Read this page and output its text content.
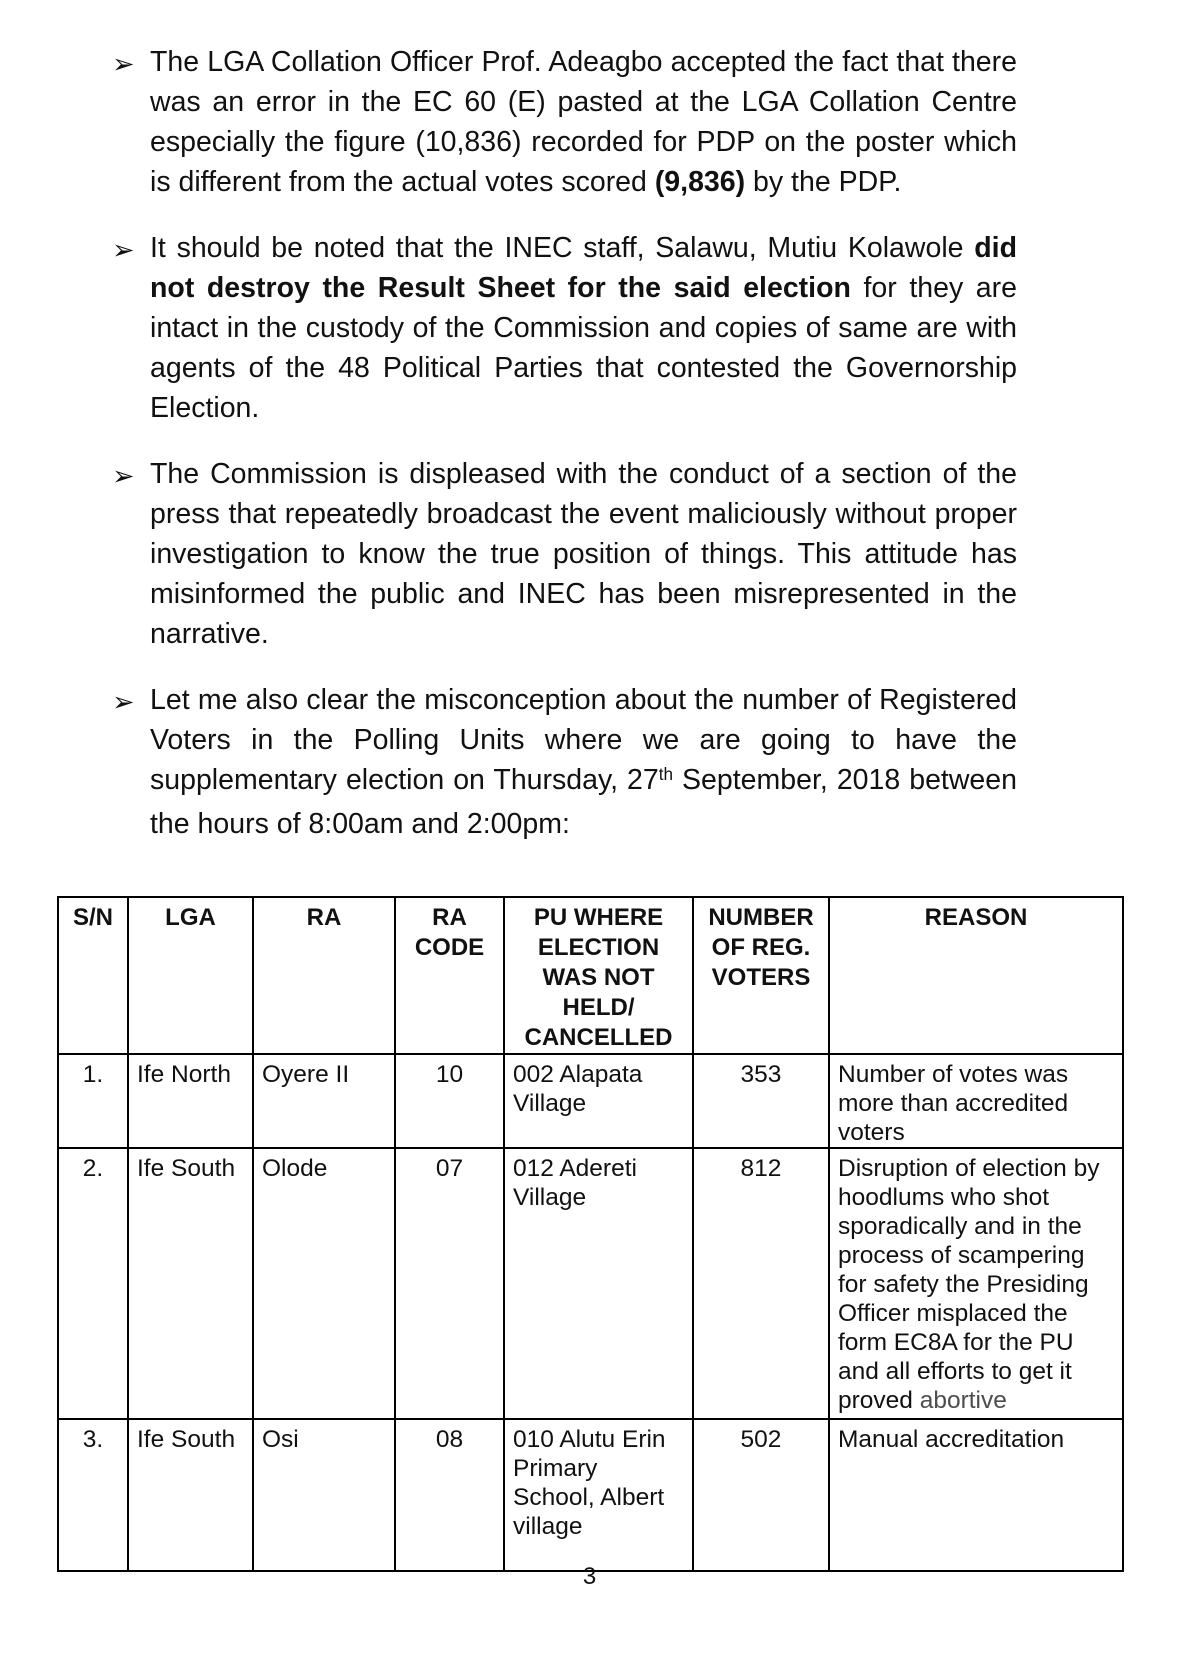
➢ The LGA Collation Officer Prof. Adeagbo accepted the fact that there was an error in the EC 60 (E) pasted at the LGA Collation Centre especially the figure (10,836) recorded for PDP on the poster which is different from the actual votes scored (9,836) by the PDP.

➢ It should be noted that the INEC staff, Salawu, Mutiu Kolawole did not destroy the Result Sheet for the said election for they are intact in the custody of the Commission and copies of same are with agents of the 48 Political Parties that contested the Governorship Election.

➢ The Commission is displeased with the conduct of a section of the press that repeatedly broadcast the event maliciously without proper investigation to know the true position of things. This attitude has misinformed the public and INEC has been misrepresented in the narrative.

➢ Let me also clear the misconception about the number of Registered Voters in the Polling Units where we are going to have the supplementary election on Thursday, 27th September, 2018 between the hours of 8:00am and 2:00pm:

S/N	LGA	RA	RA CODE	PU WHERE ELECTION WAS NOT HELD/ CANCELLED	NUMBER OF REG. VOTERS	REASON
1.	Ife North	Oyere II	10	002 Alapata Village	353	Number of votes was more than accredited voters
2.	Ife South	Olode	07	012 Adereti Village	812	Disruption of election by hoodlums who shot sporadically and in the process of scampering for safety the Presiding Officer misplaced the form EC8A for the PU and all efforts to get it proved abortive
3.	Ife South	Osi	08	010 Alutu Erin Primary School, Albert village	502	Manual accreditation
3
